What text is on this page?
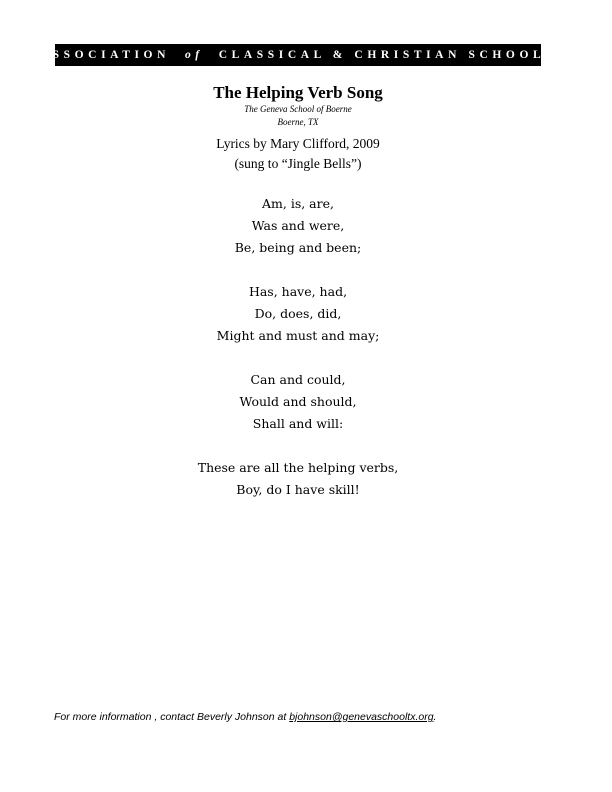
ASSOCIATION
of
CLASSICAL & CHRISTIAN SCHOOLS
The Helping Verb Song
The Geneva School of Boerne
Boerne, TX
Lyrics by Mary Clifford, 2009
(sung to “Jingle Bells”)
Am, is, are,
Was and were,
Be, being and been;
Has, have, had,
Do, does, did,
Might and must and may;
Can and could,
Would and should,
Shall and will:
These are all the helping verbs,
Boy, do I have skill!
For more information , contact Beverly Johnson at bjohnson@genevaschooltx.org.
